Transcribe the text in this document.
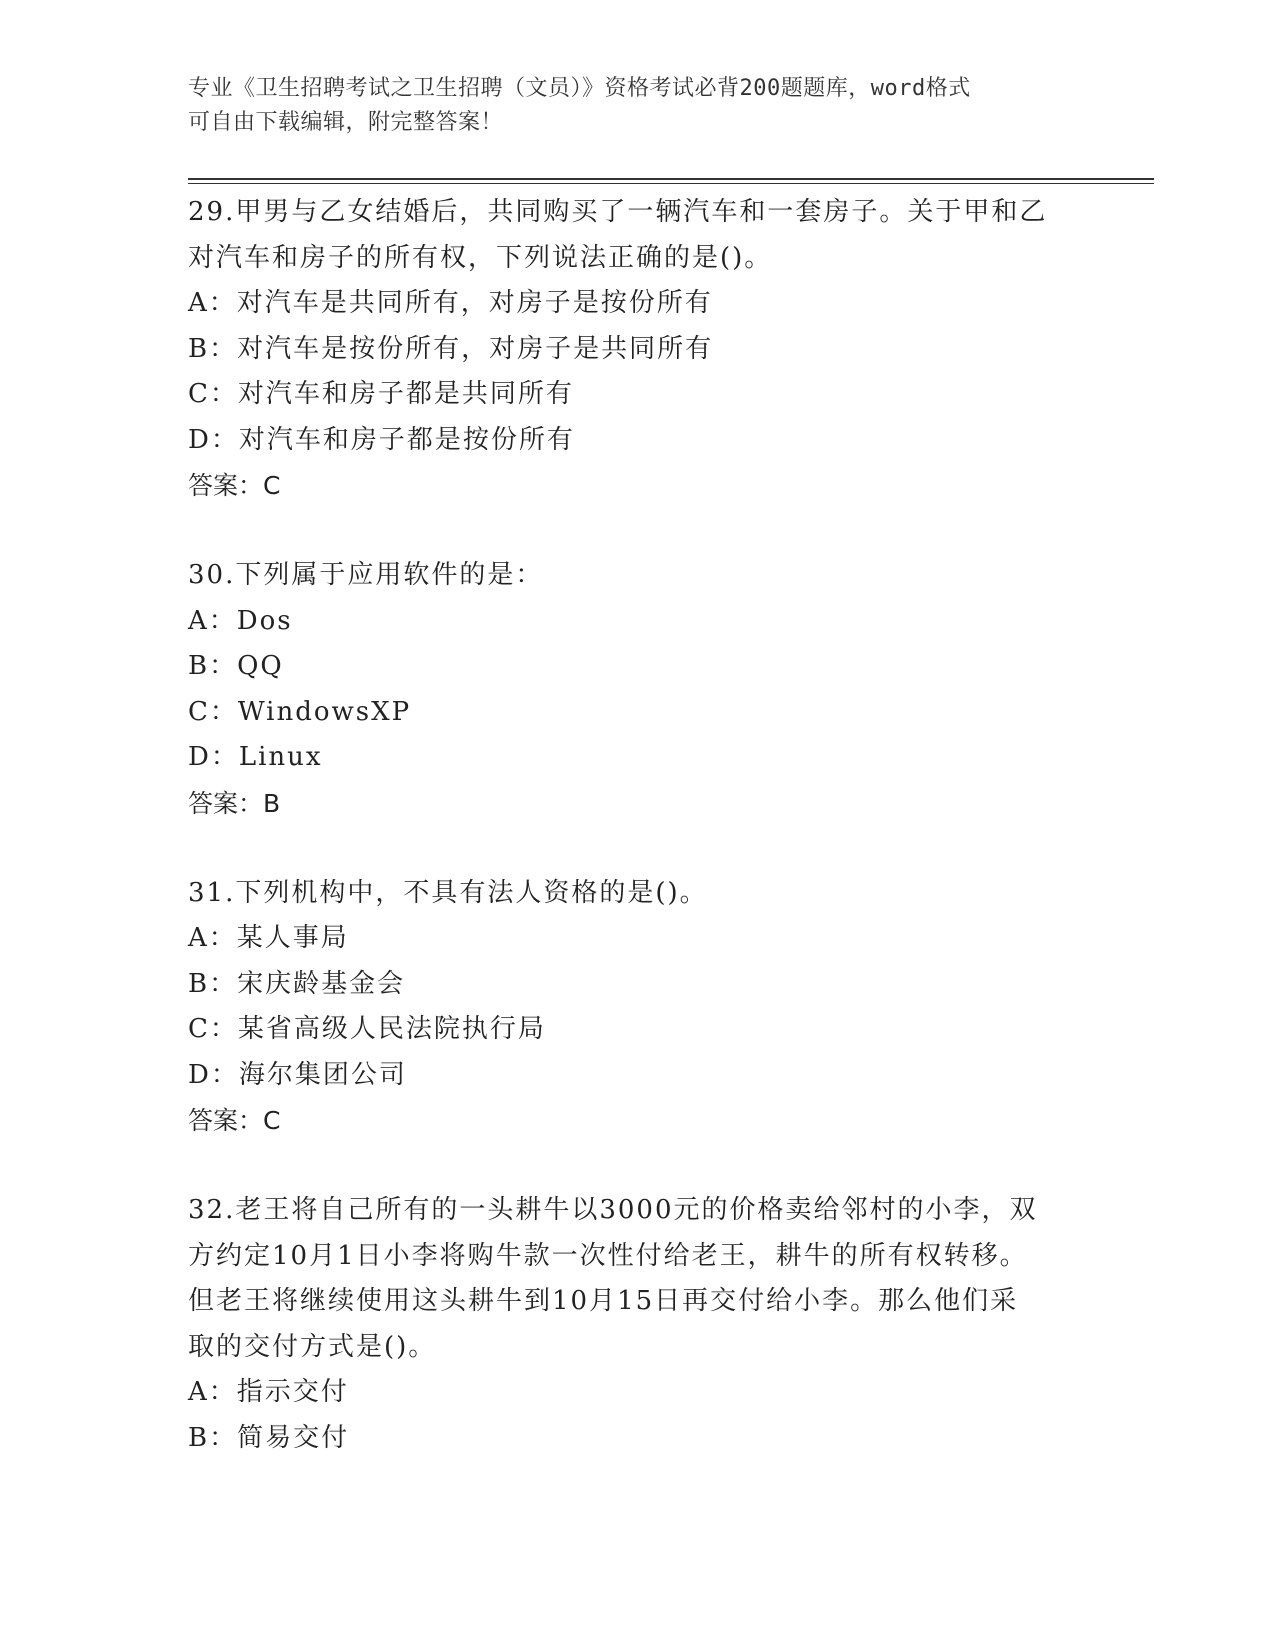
专业《卫生招聘考试之卫生招聘（文员）》资格考试必背200题题库，word格式
可自由下载编辑，附完整答案！
29.甲男与乙女结婚后，共同购买了一辆汽车和一套房子。关于甲和乙
对汽车和房子的所有权，下列说法正确的是()。
A：对汽车是共同所有，对房子是按份所有
B：对汽车是按份所有，对房子是共同所有
C：对汽车和房子都是共同所有
D：对汽车和房子都是按份所有
答案：C
30.下列属于应用软件的是：
A：Dos
B：QQ
C：WindowsXP
D：Linux
答案：B
31.下列机构中，不具有法人资格的是()。
A：某人事局
B：宋庆龄基金会
C：某省高级人民法院执行局
D：海尔集团公司
答案：C
32.老王将自己所有的一头耕牛以3000元的价格卖给邻村的小李，双
方约定10月1日小李将购牛款一次性付给老王，耕牛的所有权转移。
但老王将继续使用这头耕牛到10月15日再交付给小李。那么他们采
取的交付方式是()。
A：指示交付
B：简易交付
